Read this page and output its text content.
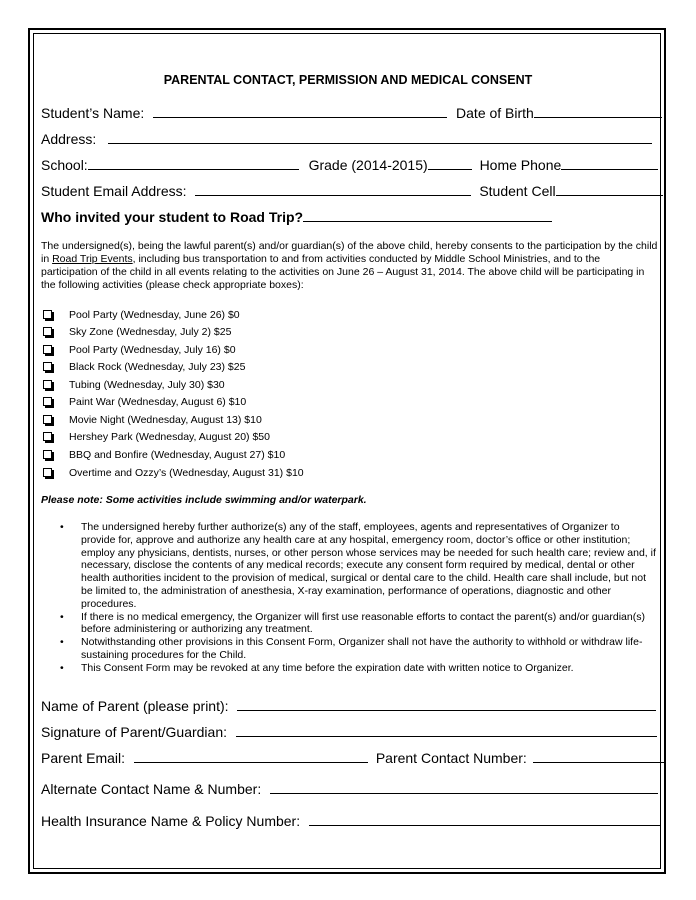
PARENTAL CONTACT, PERMISSION AND MEDICAL CONSENT
Student’s Name:	Date of Birth
Address:
School:	Grade (2014-2015)	Home Phone
Student Email Address:	Student Cell
Who invited your student to Road Trip?
The undersigned(s), being the lawful parent(s) and/or guardian(s) of the above child, hereby consents to the participation by the child in Road Trip Events, including bus transportation to and from activities conducted by Middle School Ministries, and to the participation of the child in all events relating to the activities on June 26 – August 31, 2014. The above child will be participating in the following activities (please check appropriate boxes):
Pool Party (Wednesday, June 26) $0
Sky Zone (Wednesday, July 2) $25
Pool Party (Wednesday, July 16) $0
Black Rock (Wednesday, July 23) $25
Tubing (Wednesday, July 30) $30
Paint War (Wednesday, August 6) $10
Movie Night (Wednesday, August 13) $10
Hershey Park (Wednesday, August 20) $50
BBQ and Bonfire (Wednesday, August 27) $10
Overtime and Ozzy’s (Wednesday, August 31) $10
Please note: Some activities include swimming and/or waterpark.
•	The undersigned hereby further authorize(s) any of the staff, employees, agents and representatives of Organizer to provide for, approve and authorize any health care at any hospital, emergency room, doctor’s office or other institution; employ any physicians, dentists, nurses, or other person whose services may be needed for such health care; review and, if necessary, disclose the contents of any medical records; execute any consent form required by medical, dental or other health authorities incident to the provision of medical, surgical or dental care to the child. Health care shall include, but not be limited to, the administration of anesthesia, X-ray examination, performance of operations, diagnostic and other procedures.
•	If there is no medical emergency, the Organizer will first use reasonable efforts to contact the parent(s) and/or guardian(s) before administering or authorizing any treatment.
•	Notwithstanding other provisions in this Consent Form, Organizer shall not have the authority to withhold or withdraw life-sustaining procedures for the Child.
•	This Consent Form may be revoked at any time before the expiration date with written notice to Organizer.
Name of Parent (please print):
Signature of Parent/Guardian:
Parent Email:	Parent Contact Number:
Alternate Contact Name & Number:
Health Insurance Name & Policy Number:
